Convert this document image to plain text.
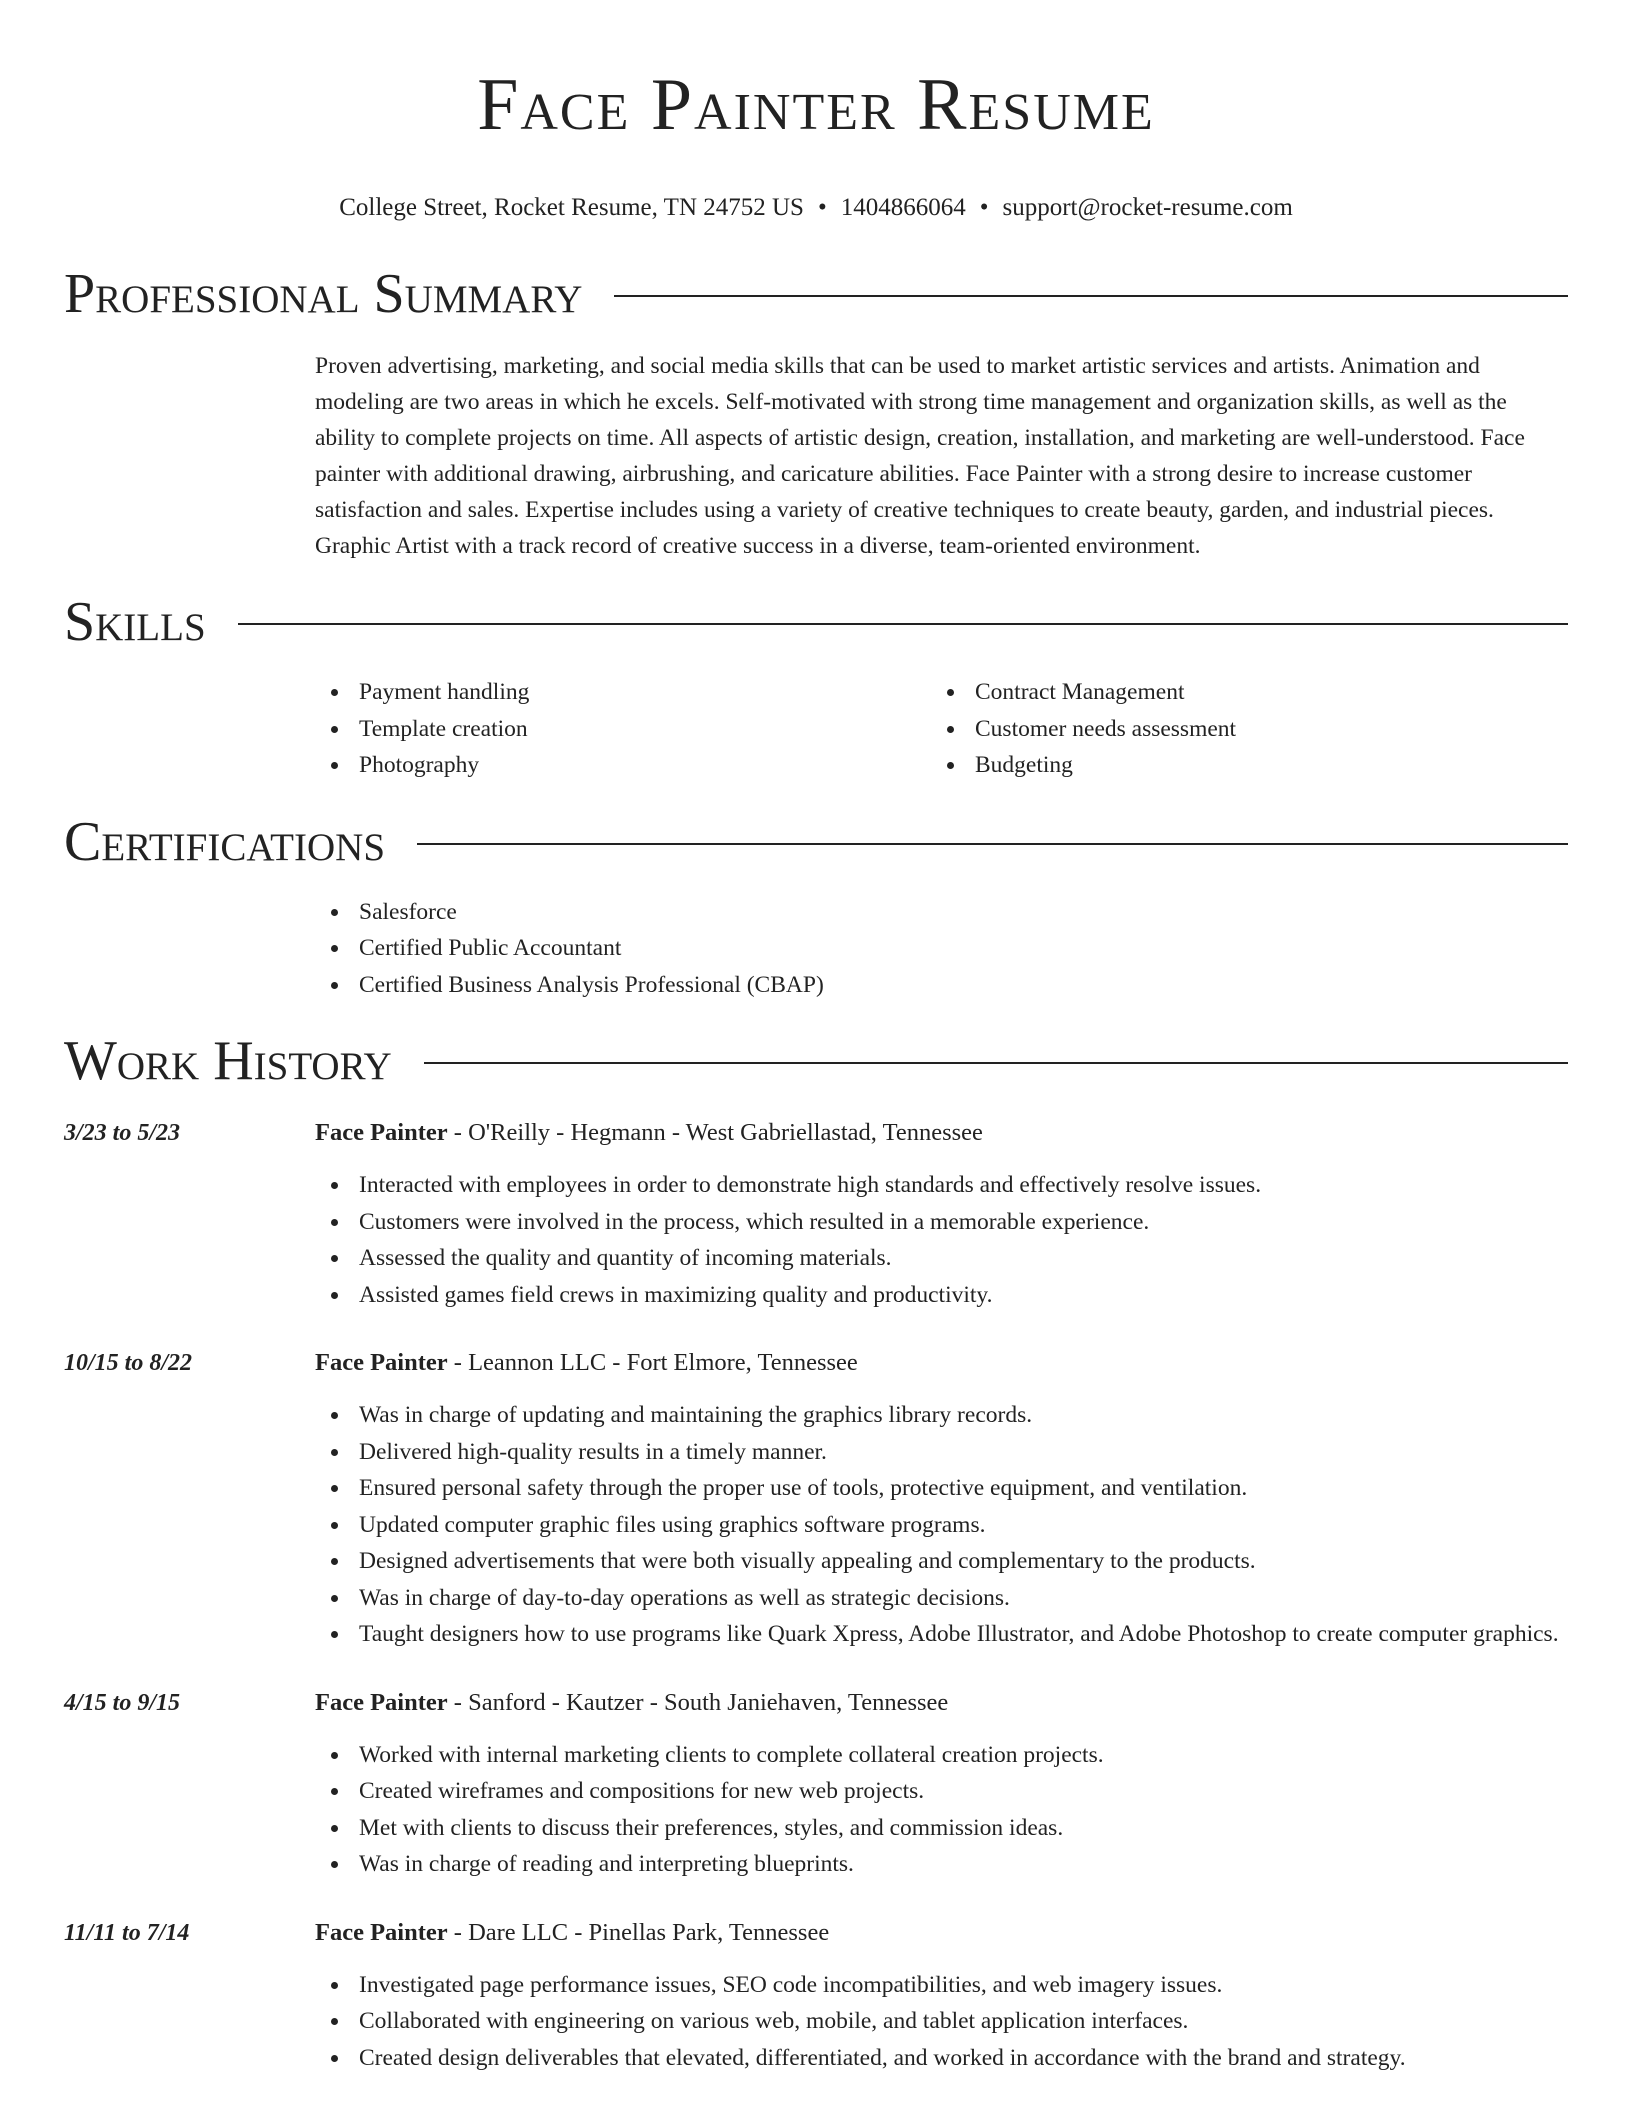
Face Painter Resume
College Street, Rocket Resume, TN 24752 US • 1404866064 • support@rocket-resume.com
Professional Summary
Proven advertising, marketing, and social media skills that can be used to market artistic services and artists. Animation and modeling are two areas in which he excels. Self-motivated with strong time management and organization skills, as well as the ability to complete projects on time. All aspects of artistic design, creation, installation, and marketing are well-understood. Face painter with additional drawing, airbrushing, and caricature abilities. Face Painter with a strong desire to increase customer satisfaction and sales. Expertise includes using a variety of creative techniques to create beauty, garden, and industrial pieces. Graphic Artist with a track record of creative success in a diverse, team-oriented environment.
Skills
Payment handling
Template creation
Photography
Contract Management
Customer needs assessment
Budgeting
Certifications
Salesforce
Certified Public Accountant
Certified Business Analysis Professional (CBAP)
Work History
3/23 to 5/23	Face Painter - O'Reilly - Hegmann - West Gabriellastad, Tennessee
Interacted with employees in order to demonstrate high standards and effectively resolve issues.
Customers were involved in the process, which resulted in a memorable experience.
Assessed the quality and quantity of incoming materials.
Assisted games field crews in maximizing quality and productivity.
10/15 to 8/22	Face Painter - Leannon LLC - Fort Elmore, Tennessee
Was in charge of updating and maintaining the graphics library records.
Delivered high-quality results in a timely manner.
Ensured personal safety through the proper use of tools, protective equipment, and ventilation.
Updated computer graphic files using graphics software programs.
Designed advertisements that were both visually appealing and complementary to the products.
Was in charge of day-to-day operations as well as strategic decisions.
Taught designers how to use programs like Quark Xpress, Adobe Illustrator, and Adobe Photoshop to create computer graphics.
4/15 to 9/15	Face Painter - Sanford - Kautzer - South Janiehaven, Tennessee
Worked with internal marketing clients to complete collateral creation projects.
Created wireframes and compositions for new web projects.
Met with clients to discuss their preferences, styles, and commission ideas.
Was in charge of reading and interpreting blueprints.
11/11 to 7/14	Face Painter - Dare LLC - Pinellas Park, Tennessee
Investigated page performance issues, SEO code incompatibilities, and web imagery issues.
Collaborated with engineering on various web, mobile, and tablet application interfaces.
Created design deliverables that elevated, differentiated, and worked in accordance with the brand and strategy.
